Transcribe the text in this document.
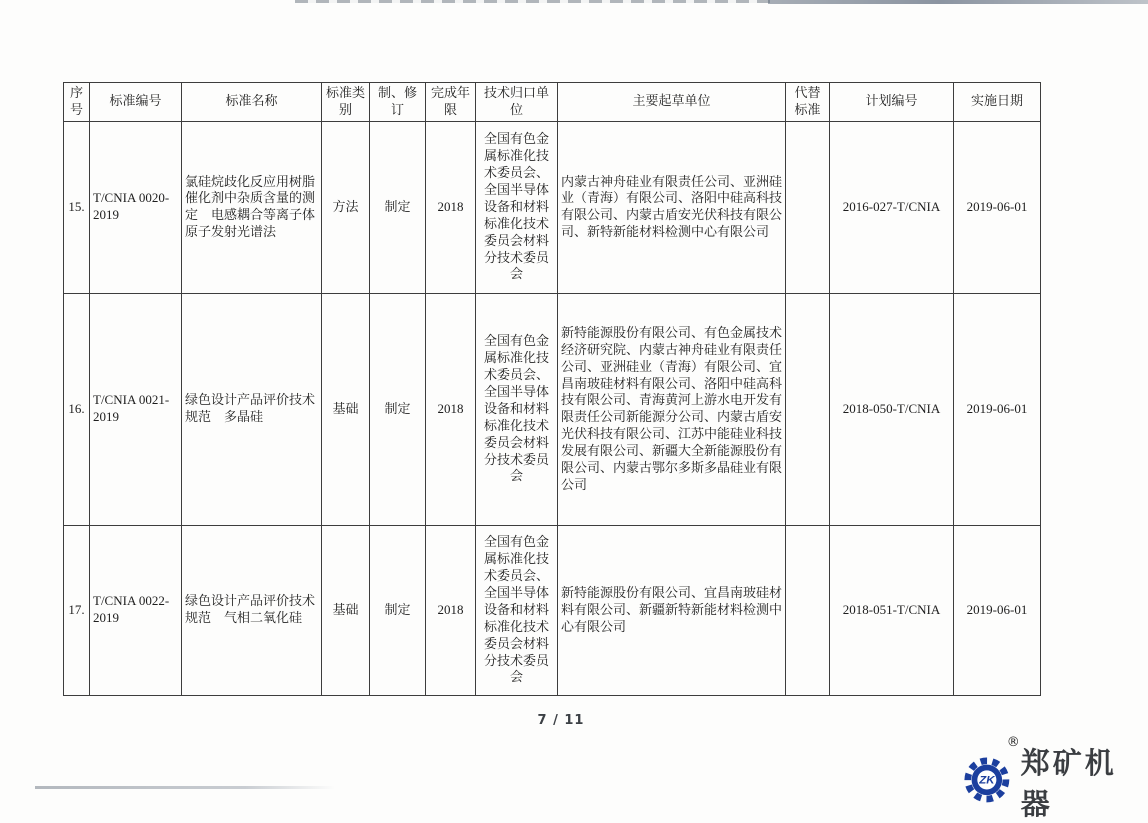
序号	标准编号	标准名称	标准类别	制、修订	完成年限	技术归口单位	主要起草单位	代替标准	计划编号	实施日期
15.	T/CNIA 0020-2019	氯硅烷歧化反应用树脂催化剂中杂质含量的测定　电感耦合等离子体原子发射光谱法	方法	制定	2018	全国有色金属标准化技术委员会、全国半导体设备和材料标准化技术委员会材料分技术委员会	内蒙古神舟硅业有限责任公司、亚洲硅业（青海）有限公司、洛阳中硅高科技有限公司、内蒙古盾安光伏科技有限公司、新特新能材料检测中心有限公司		2016-027-T/CNIA	2019-06-01
16.	T/CNIA 0021-2019	绿色设计产品评价技术规范　多晶硅	基础	制定	2018	全国有色金属标准化技术委员会、全国半导体设备和材料标准化技术委员会材料分技术委员会	新特能源股份有限公司、有色金属技术经济研究院、内蒙古神舟硅业有限责任公司、亚洲硅业（青海）有限公司、宜昌南玻硅材料有限公司、洛阳中硅高科技有限公司、青海黄河上游水电开发有限责任公司新能源分公司、内蒙古盾安光伏科技有限公司、江苏中能硅业科技发展有限公司、新疆大全新能源股份有限公司、内蒙古鄂尔多斯多晶硅业有限公司		2018-050-T/CNIA	2019-06-01
17.	T/CNIA 0022-2019	绿色设计产品评价技术规范　气相二氧化硅	基础	制定	2018	全国有色金属标准化技术委员会、全国半导体设备和材料标准化技术委员会材料分技术委员会	新特能源股份有限公司、宜昌南玻硅材料有限公司、新疆新特新能材料检测中心有限公司		2018-051-T/CNIA	2019-06-01
7 / 11
ZK
®
郑矿机器
